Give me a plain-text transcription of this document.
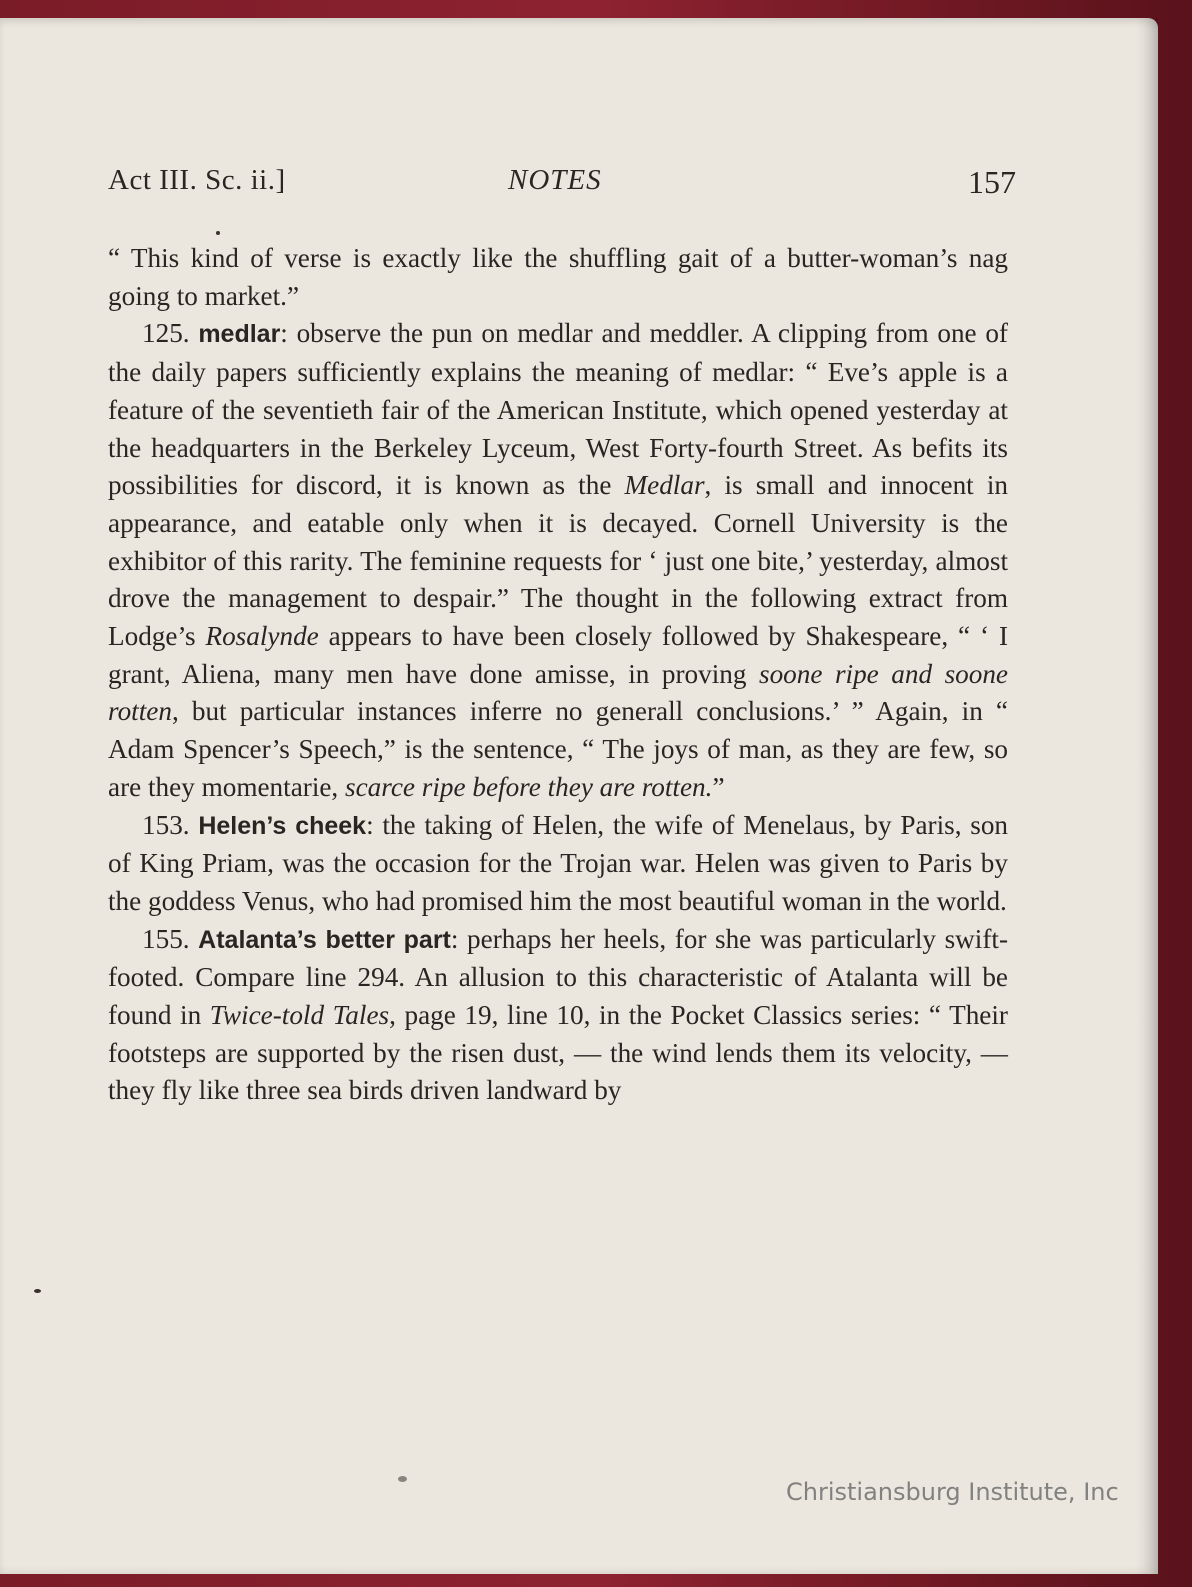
Act III. Sc. ii.]	NOTES	157

“ This kind of verse is exactly like the shuffling gait of a butter-woman’s nag going to market.”

125. medlar: observe the pun on medlar and meddler. A clipping from one of the daily papers sufficiently explains the meaning of medlar: “ Eve’s apple is a feature of the seventieth fair of the American Institute, which opened yesterday at the headquarters in the Berkeley Lyceum, West Forty-fourth Street. As befits its possibilities for discord, it is known as the Medlar, is small and innocent in appearance, and eatable only when it is decayed. Cornell University is the exhibitor of this rarity. The feminine requests for ‘ just one bite,’ yesterday, almost drove the management to despair.” The thought in the following extract from Lodge’s Rosalynde appears to have been closely followed by Shakespeare, “ ‘ I grant, Aliena, many men have done amisse, in proving soone ripe and soone rotten, but particular instances inferre no generall conclusions.’ ” Again, in “ Adam Spencer’s Speech,” is the sentence, “ The joys of man, as they are few, so are they momentarie, scarce ripe before they are rotten.”

153. Helen’s cheek: the taking of Helen, the wife of Menelaus, by Paris, son of King Priam, was the occasion for the Trojan war. Helen was given to Paris by the goddess Venus, who had promised him the most beautiful woman in the world.

155. Atalanta’s better part: perhaps her heels, for she was particularly swift-footed. Compare line 294. An allusion to this characteristic of Atalanta will be found in Twice-told Tales, page 19, line 10, in the Pocket Classics series: “ Their footsteps are supported by the risen dust, — the wind lends them its velocity, — they fly like three sea birds driven landward by

Christiansburg Institute, Inc
